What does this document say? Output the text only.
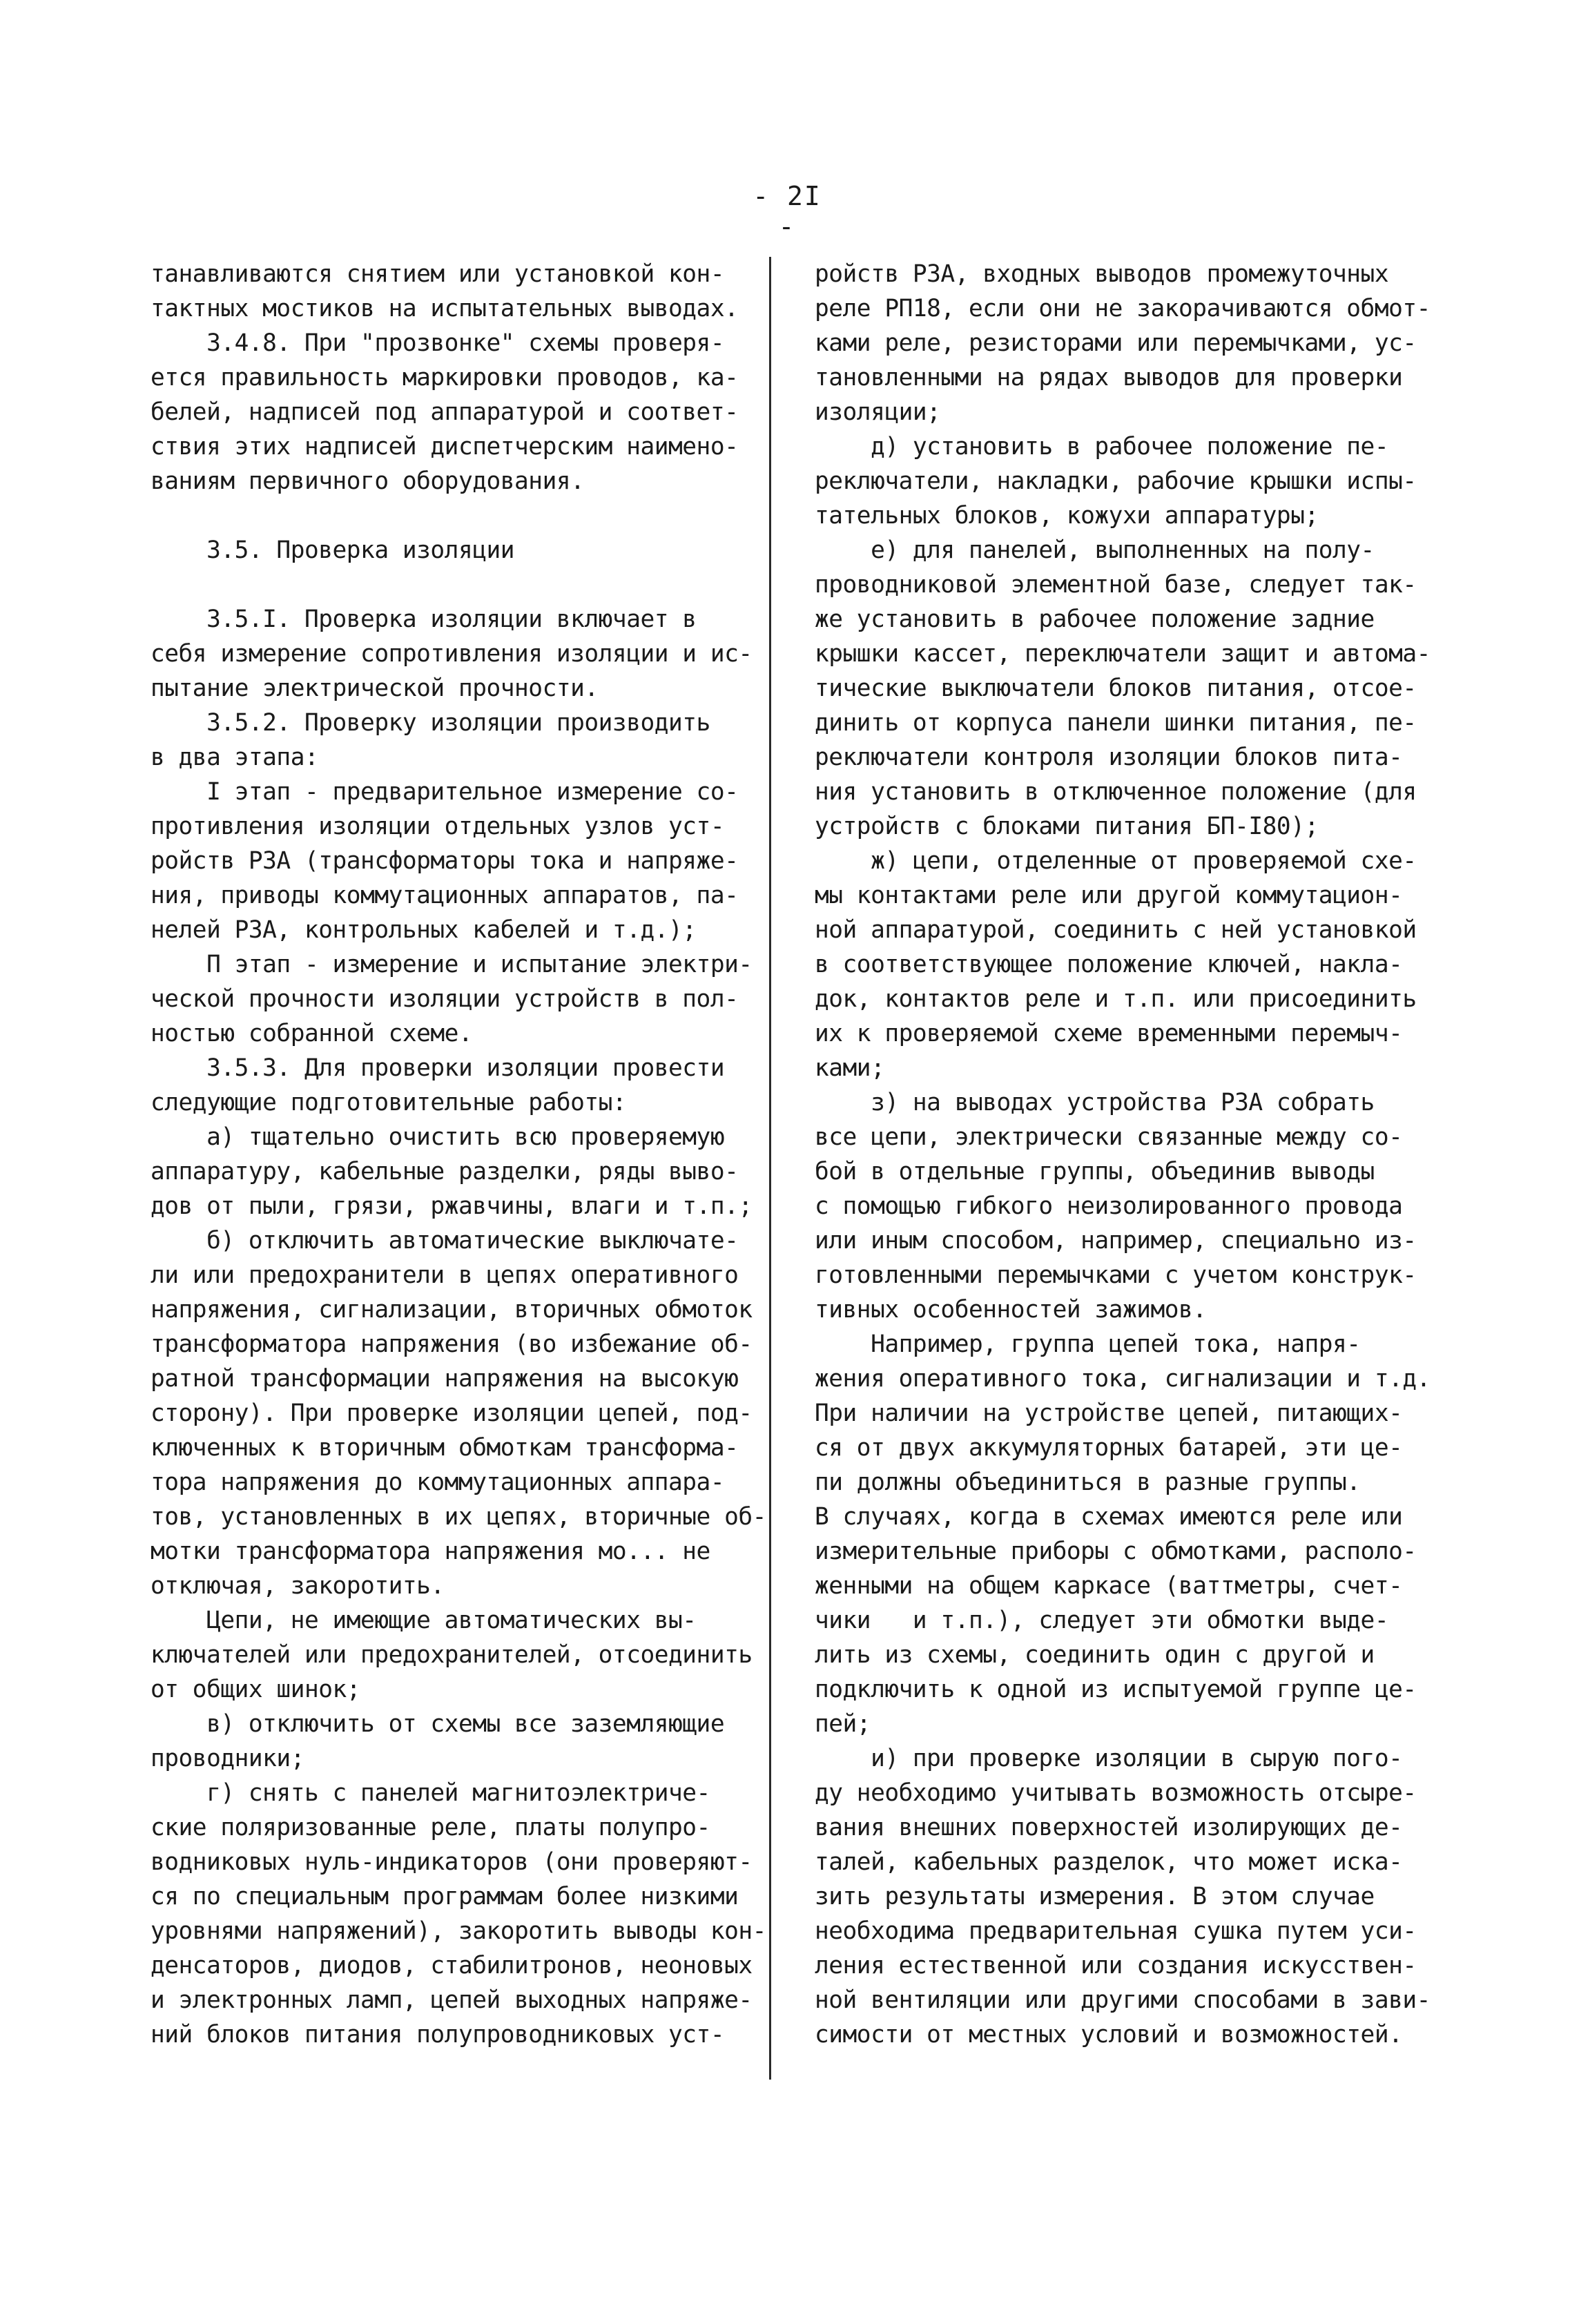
- 2I -
танавливаются снятием или установкой кон-
тактных мостиков на испытательных выводах.
3.4.8. При "прозвонке" схемы проверя-
ется правильность маркировки проводов, ка-
белей, надписей под аппаратурой и соответ-
ствия этих надписей диспетчерским наимено-
ваниям первичного оборудования.
3.5. Проверка изоляции
3.5.I. Проверка изоляции включает в
себя измерение сопротивления изоляции и ис-
пытание электрической прочности.
3.5.2. Проверку изоляции производить
в два этапа:
I этап - предварительное измерение со-
противления изоляции отдельных узлов уст-
ройств РЗА (трансформаторы тока и напряже-
ния, приводы коммутационных аппаратов, па-
нелей РЗА, контрольных кабелей и т.д.);
П этап - измерение и испытание электри-
ческой прочности изоляции устройств в пол-
ностью собранной схеме.
3.5.3. Для проверки изоляции провести
следующие подготовительные работы:
а) тщательно очистить всю проверяемую
аппаратуру, кабельные разделки, ряды выво-
дов от пыли, грязи, ржавчины, влаги и т.п.;
б) отключить автоматические выключате-
ли или предохранители в цепях оперативного
напряжения, сигнализации, вторичных обмоток
трансформатора напряжения (во избежание об-
ратной трансформации напряжения на высокую
сторону). При проверке изоляции цепей, под-
ключенных к вторичным обмоткам трансформа-
тора напряжения до коммутационных аппара-
тов, установленных в их цепях, вторичные об-
мотки трансформатора напряжения мо... не
отключая, закоротить.
Цепи, не имеющие автоматических вы-
ключателей или предохранителей, отсоединить
от общих шинок;
в) отключить от схемы все заземляющие
проводники;
г) снять с панелей магнитоэлектриче-
ские поляризованные реле, платы полупро-
водниковых нуль-индикаторов (они проверяют-
ся по специальным программам более низкими
уровнями напряжений), закоротить выводы кон-
денсаторов, диодов, стабилитронов, неоновых
и электронных ламп, цепей выходных напряже-
ний блоков питания полупроводниковых уст-
ройств РЗА, входных выводов промежуточных
реле РП18, если они не закорачиваются обмот-
ками реле, резисторами или перемычками, ус-
тановленными на рядах выводов для проверки
изоляции;
д) установить в рабочее положение пе-
реключатели, накладки, рабочие крышки испы-
тательных блоков, кожухи аппаратуры;
е) для панелей, выполненных на полу-
проводниковой элементной базе, следует так-
же установить в рабочее положение задние
крышки кассет, переключатели защит и автома-
тические выключатели блоков питания, отсое-
динить от корпуса панели шинки питания, пе-
реключатели контроля изоляции блоков пита-
ния установить в отключенное положение (для
устройств с блоками питания БП-I80);
ж) цепи, отделенные от проверяемой схе-
мы контактами реле или другой коммутацион-
ной аппаратурой, соединить с ней установкой
в соответствующее положение ключей, накла-
док, контактов реле и т.п. или присоединить
их к проверяемой схеме временными перемыч-
ками;
з) на выводах устройства РЗА собрать
все цепи, электрически связанные между со-
бой в отдельные группы, объединив выводы
с помощью гибкого неизолированного провода
или иным способом, например, специально из-
готовленными перемычками с учетом конструк-
тивных особенностей зажимов.
Например, группа цепей тока, напря-
жения оперативного тока, сигнализации и т.д.
При наличии на устройстве цепей, питающих-
ся от двух аккумуляторных батарей, эти це-
пи должны объединиться в разные группы.
В случаях, когда в схемах имеются реле или
измерительные приборы с обмотками, располо-
женными на общем каркасе (ваттметры, счет-
чики   и т.п.), следует эти обмотки выде-
лить из схемы, соединить один с другой и
подключить к одной из испытуемой группе це-
пей;
и) при проверке изоляции в сырую пого-
ду необходимо учитывать возможность отсыре-
вания внешних поверхностей изолирующих де-
талей, кабельных разделок, что может иска-
зить результаты измерения. В этом случае
необходима предварительная сушка путем уси-
ления естественной или создания искусствен-
ной вентиляции или другими способами в зави-
симости от местных условий и возможностей.
